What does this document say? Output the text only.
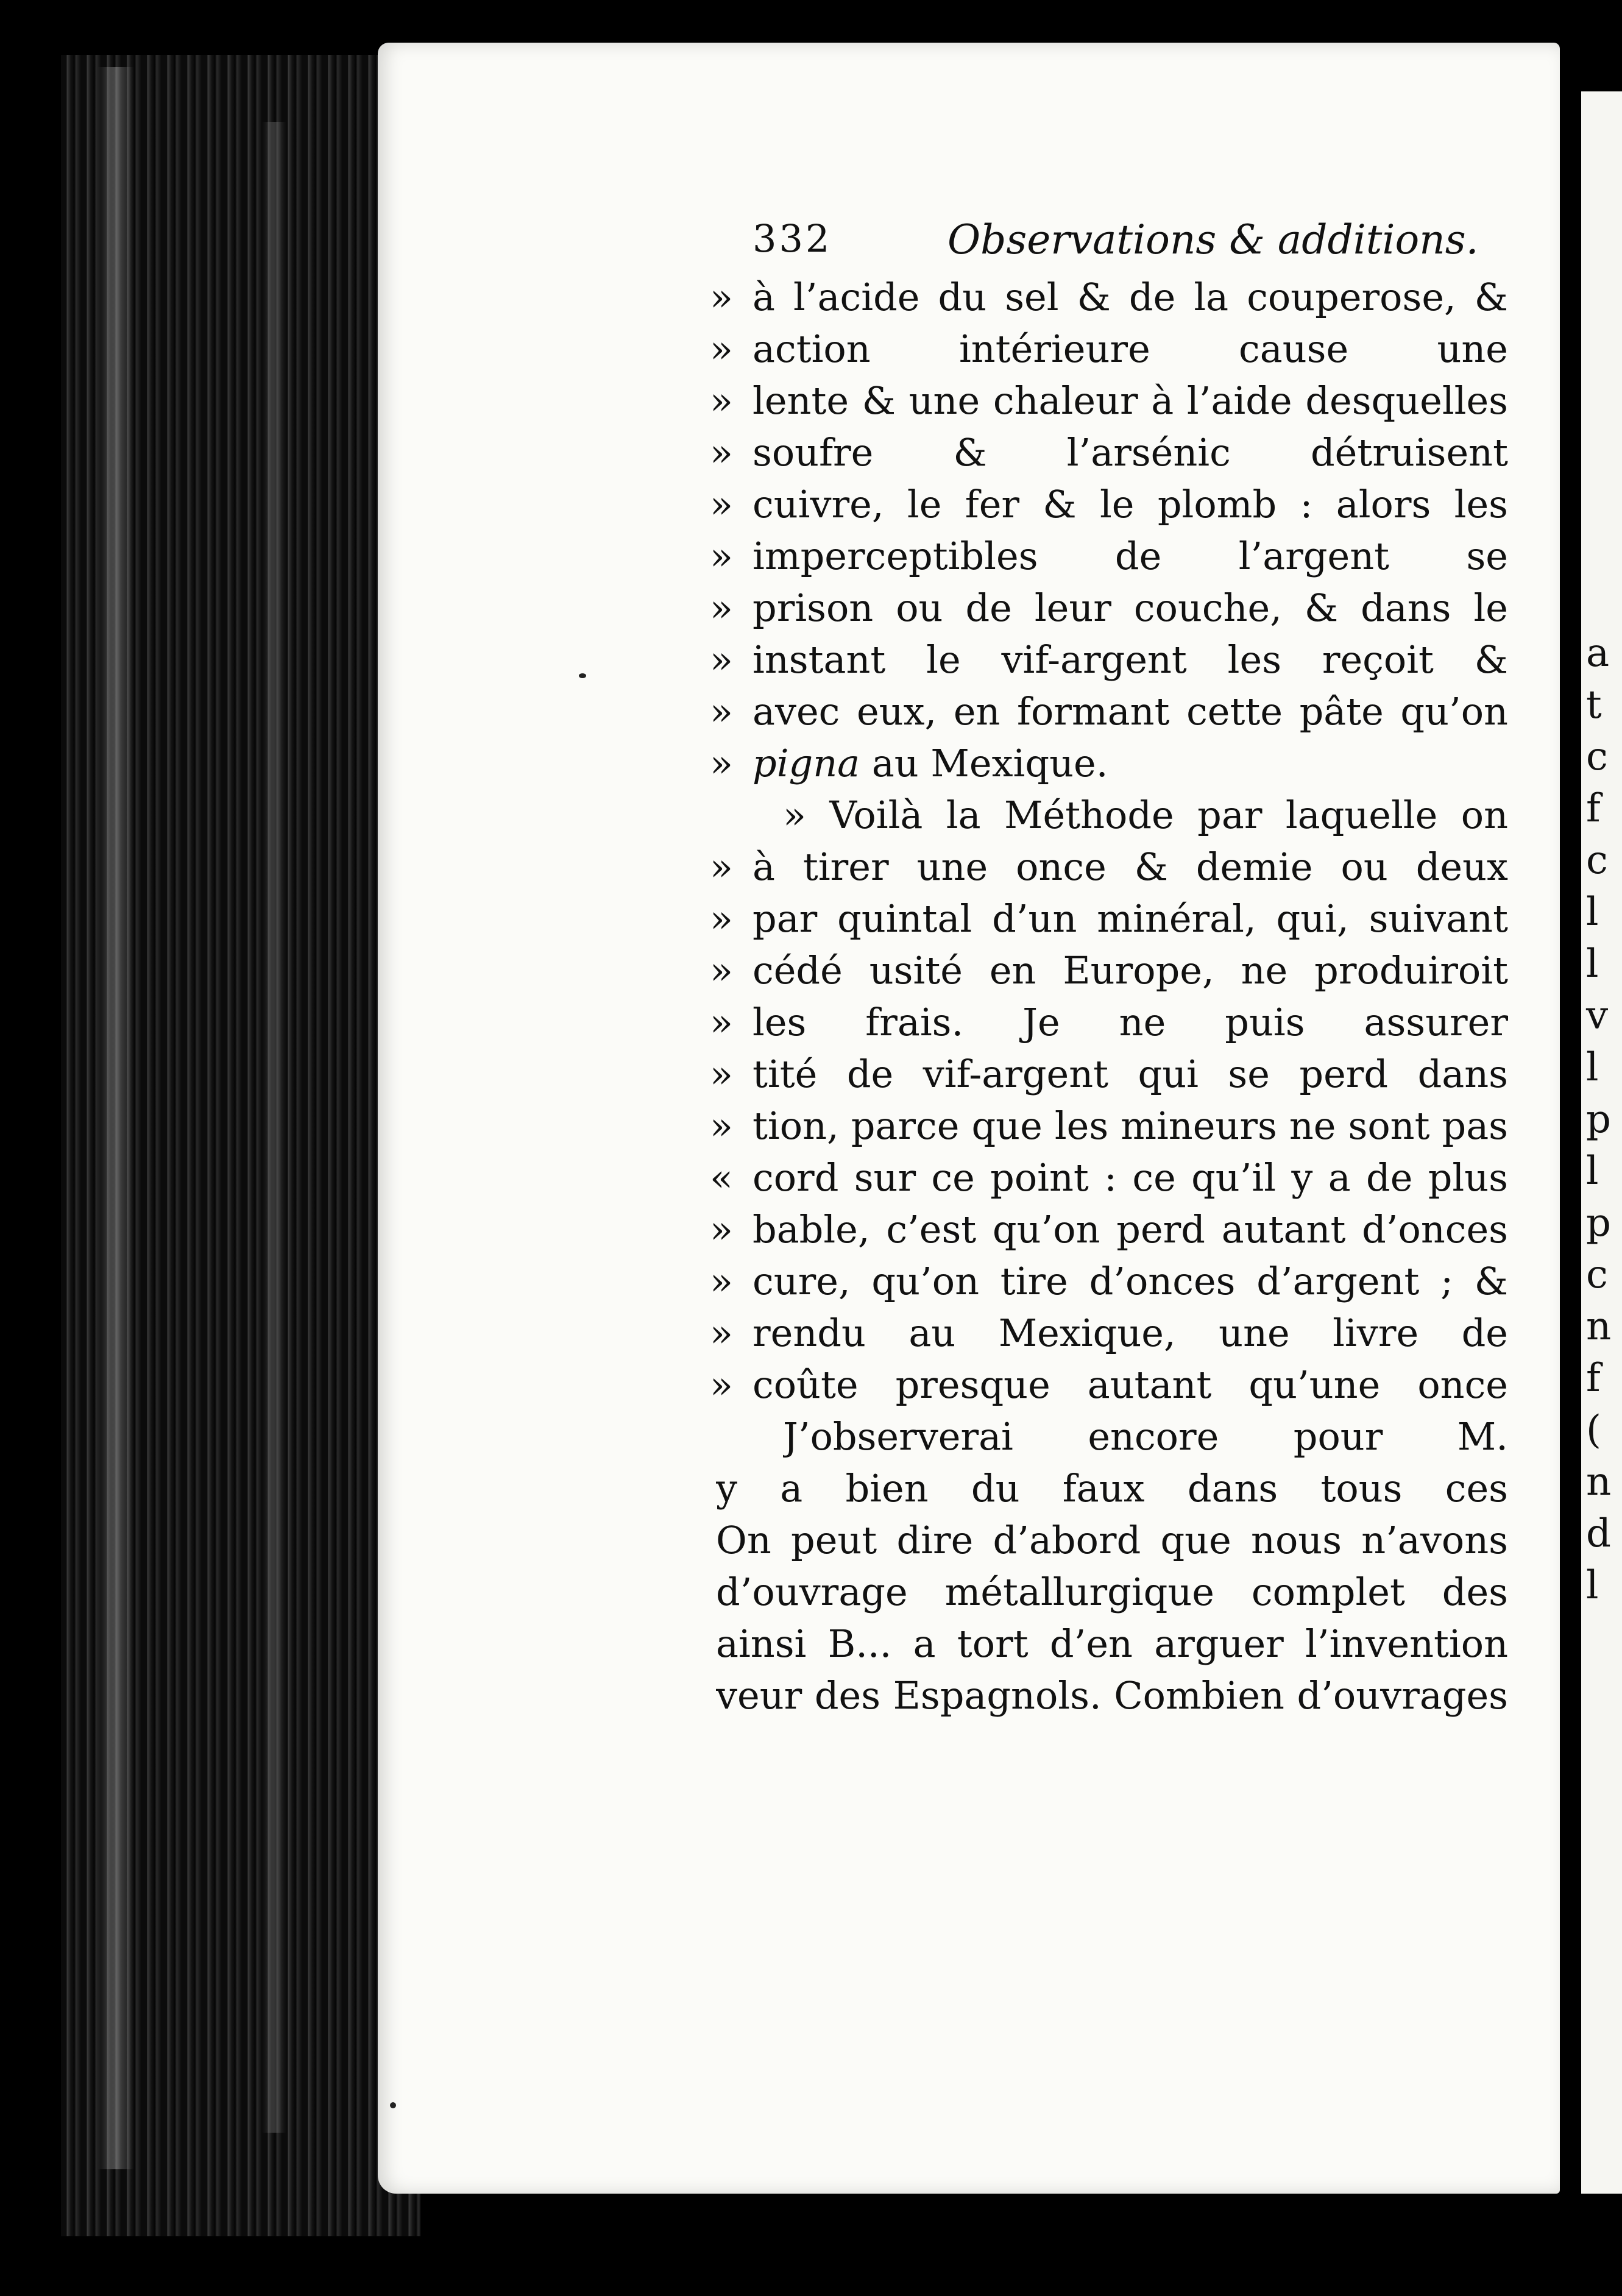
a
t
c
f
c
l
l
v
l
p
l
p
c
n
f
(
n
d
l
332	Observations & additions.
» à l’acide du sel & de la couperose, &
» action intérieure cause une
» lente & une chaleur à l’aide desquelles
» soufre & l’arsénic détruisent
» cuivre, le fer & le plomb : alors les
» imperceptibles de l’argent se
» prison ou de leur couche, & dans le
» instant le vif-argent les reçoit &
» avec eux, en formant cette pâte qu’on
» pigna au Mexique.
» Voilà la Méthode par laquelle on
» à tirer une once & demie ou deux
» par quintal d’un minéral, qui, suivant
» cédé usité en Europe, ne produiroit
» les frais. Je ne puis assurer
» tité de vif-argent qui se perd dans
» tion, parce que les mineurs ne sont pas
« cord sur ce point : ce qu’il y a de plus
» bable, c’est qu’on perd autant d’onces
» cure, qu’on tire d’onces d’argent ; &
» rendu au Mexique, une livre de
» coûte presque autant qu’une once
J’observerai encore pour M.
y a bien du faux dans tous ces
On peut dire d’abord que nous n’avons
d’ouvrage métallurgique complet des
ainsi B... a tort d’en arguer l’invention
veur des Espagnols. Combien d’ouvrages
